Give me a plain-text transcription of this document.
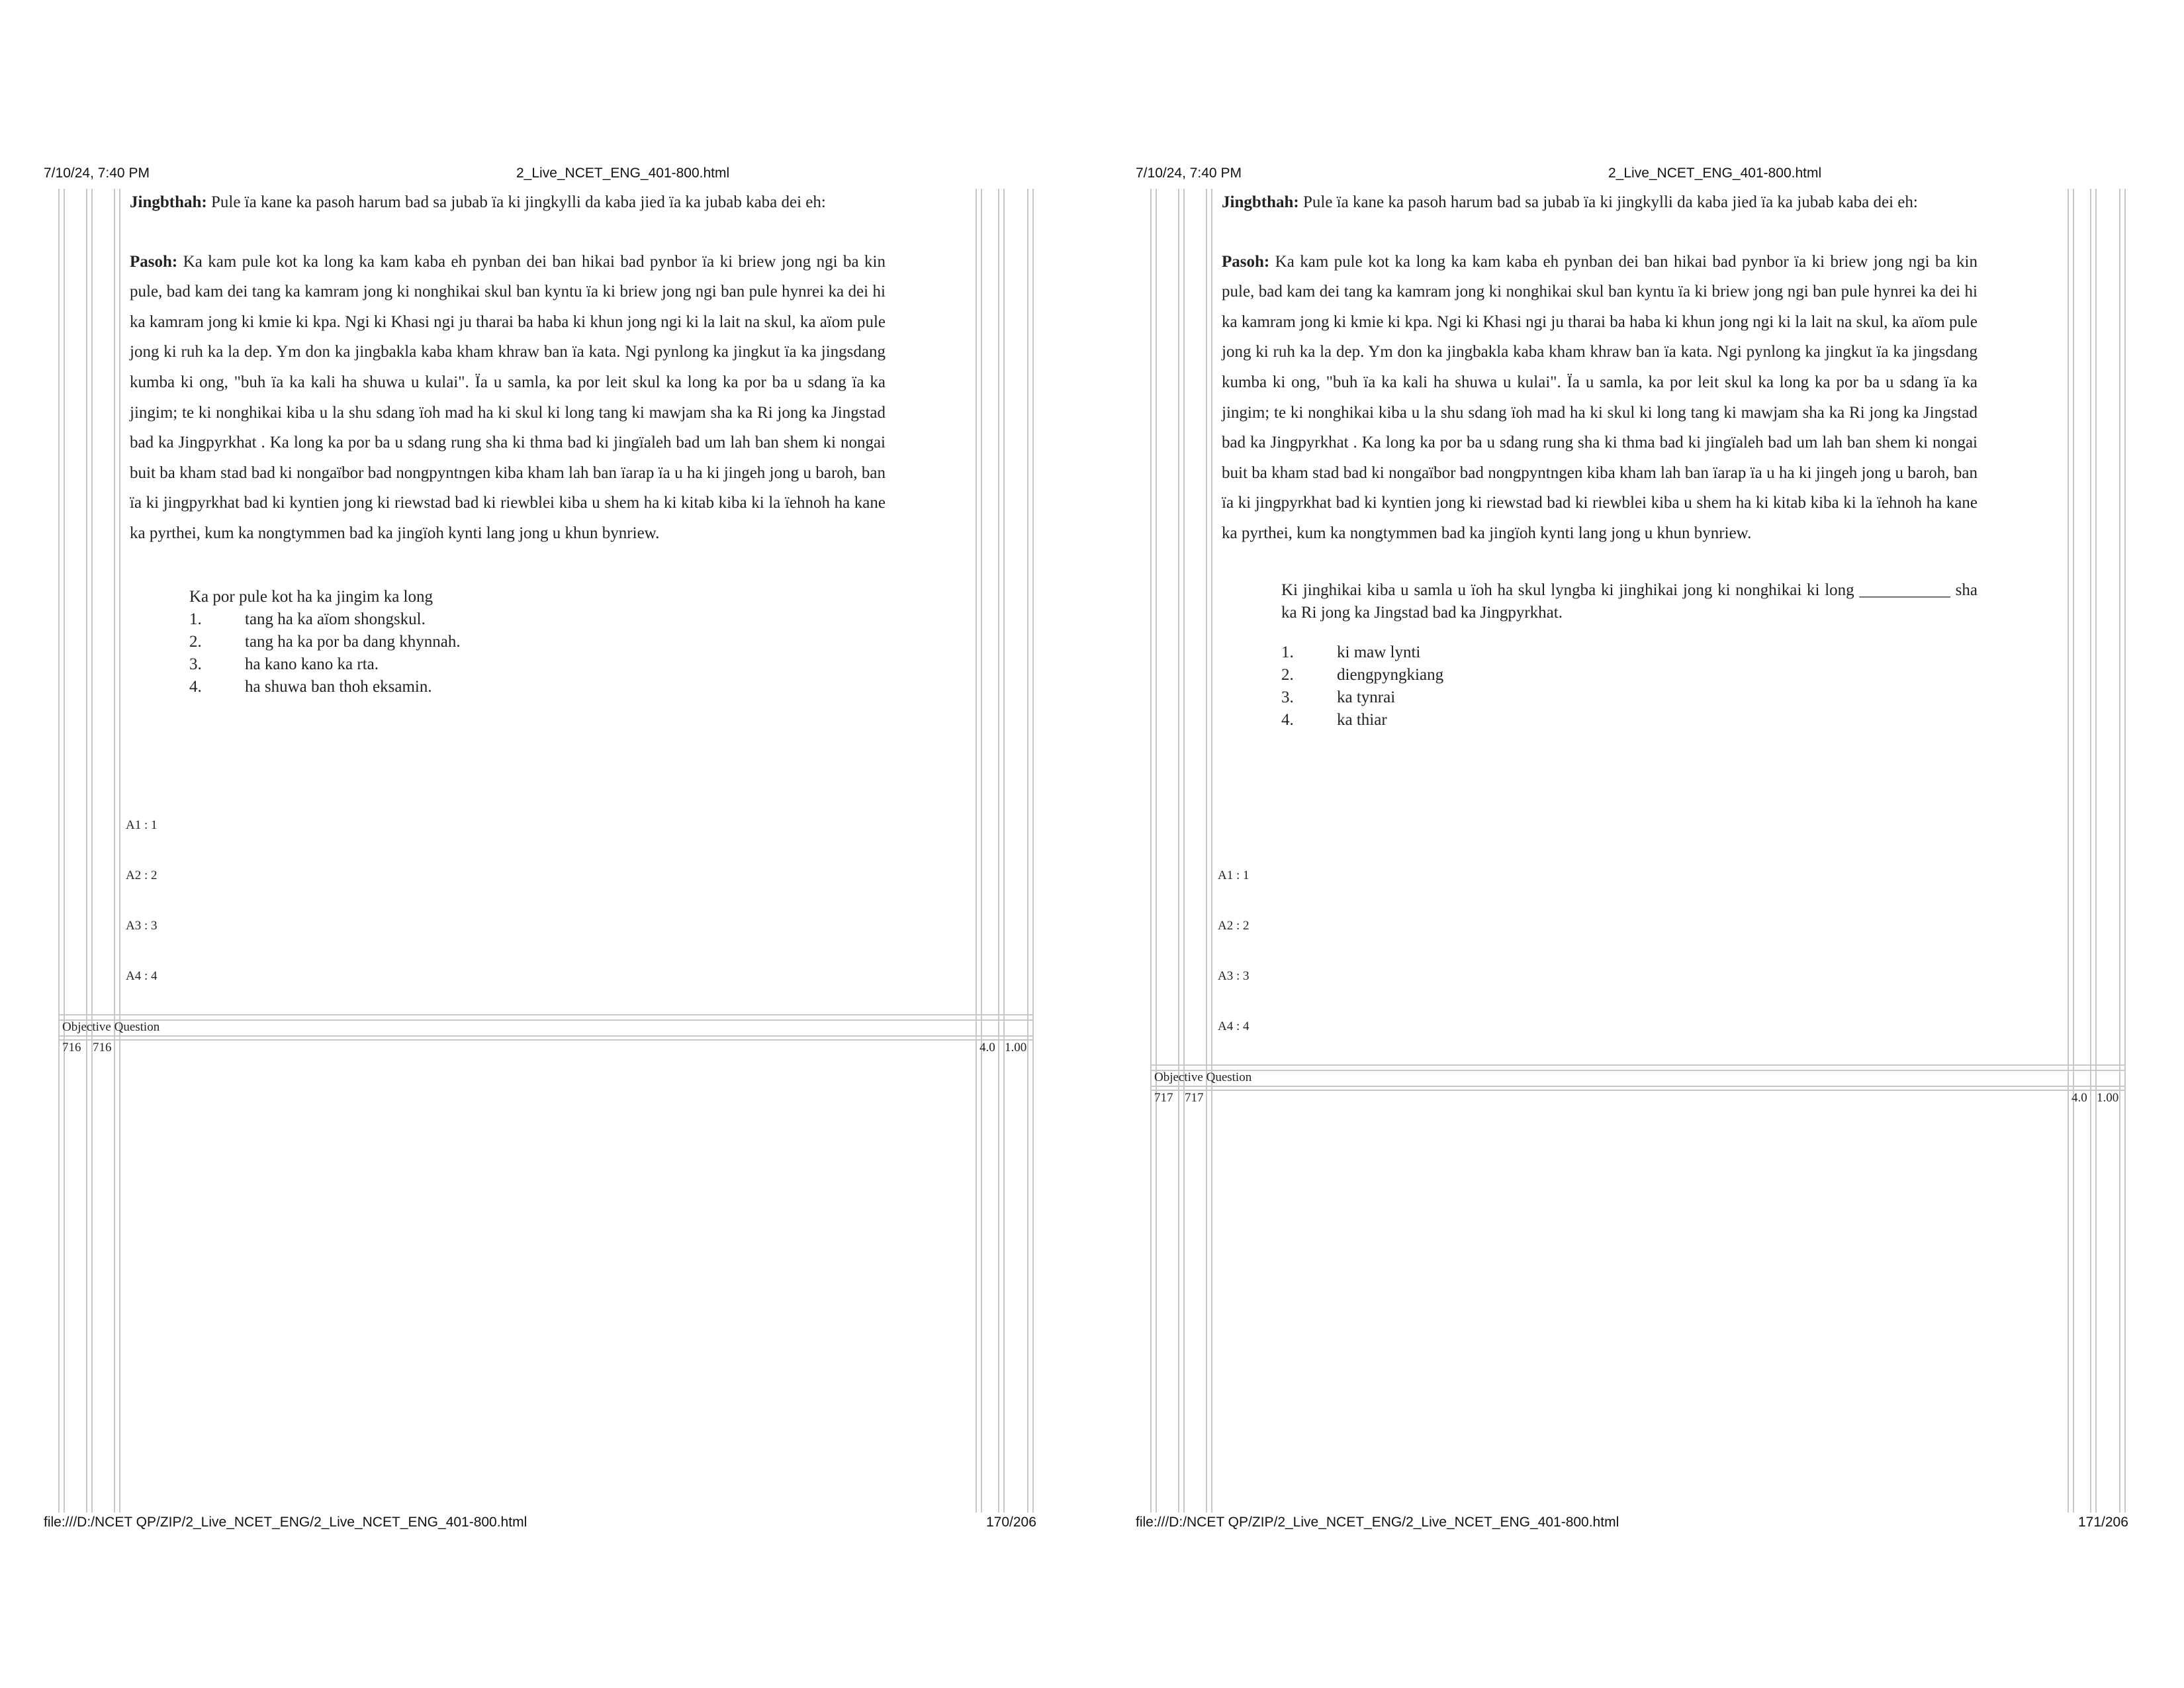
7/10/24, 7:40 PM	2_Live_NCET_ENG_401-800.html

Jingbthah: Pule ïa kane ka pasoh harum bad sa jubab ïa ki jingkylli da kaba jied ïa ka jubab kaba dei eh:

Pasoh: Ka kam pule kot ka long ka kam kaba eh pynban dei ban hikai bad pynbor ïa ki briew jong ngi ba kin pule, bad kam dei tang ka kamram jong ki nonghikai skul ban kyntu ïa ki briew jong ngi ban pule hynrei ka dei hi ka kamram jong ki kmie ki kpa. Ngi ki Khasi ngi ju tharai ba haba ki khun jong ngi ki la lait na skul, ka aïom pule jong ki ruh ka la dep. Ym don ka jingbakla kaba kham khraw ban ïa kata. Ngi pynlong ka jingkut ïa ka jingsdang kumba ki ong, "buh ïa ka kali ha shuwa u kulai". Ïa u samla, ka por leit skul ka long ka por ba u sdang ïa ka jingim; te ki nonghikai kiba u la shu sdang ïoh mad ha ki skul ki long tang ki mawjam sha ka Ri jong ka Jingstad bad ka Jingpyrkhat . Ka long ka por ba u sdang rung sha ki thma bad ki jingïaleh bad um lah ban shem ki nongai buit ba kham stad bad ki nongaïbor bad nongpyntngen kiba kham lah ban ïarap ïa u ha ki jingeh jong u baroh, ban ïa ki jingpyrkhat bad ki kyntien jong ki riewstad bad ki riewblei kiba u shem ha ki kitab kiba ki la ïehnoh ha kane ka pyrthei, kum ka nongtymmen bad ka jingïoh kynti lang jong u khun bynriew.

Ka por pule kot ha ka jingim ka long
1.	tang ha ka aïom shongskul.
2.	tang ha ka por ba dang khynnah.
3.	ha kano kano ka rta.
4.	ha shuwa ban thoh eksamin.
A1 : 1
A2 : 2
A3 : 3
A4 : 4
Objective Question
716 716	4.0 1.00
file:///D:/NCET QP/ZIP/2_Live_NCET_ENG/2_Live_NCET_ENG_401-800.html	170/206
7/10/24, 7:40 PM	2_Live_NCET_ENG_401-800.html

Jingbthah: Pule ïa kane ka pasoh harum bad sa jubab ïa ki jingkylli da kaba jied ïa ka jubab kaba dei eh:

Pasoh: Ka kam pule kot ka long ka kam kaba eh pynban dei ban hikai bad pynbor ïa ki briew jong ngi ba kin pule, bad kam dei tang ka kamram jong ki nonghikai skul ban kyntu ïa ki briew jong ngi ban pule hynrei ka dei hi ka kamram jong ki kmie ki kpa. Ngi ki Khasi ngi ju tharai ba haba ki khun jong ngi ki la lait na skul, ka aïom pule jong ki ruh ka la dep. Ym don ka jingbakla kaba kham khraw ban ïa kata. Ngi pynlong ka jingkut ïa ka jingsdang kumba ki ong, "buh ïa ka kali ha shuwa u kulai". Ïa u samla, ka por leit skul ka long ka por ba u sdang ïa ka jingim; te ki nonghikai kiba u la shu sdang ïoh mad ha ki skul ki long tang ki mawjam sha ka Ri jong ka Jingstad bad ka Jingpyrkhat . Ka long ka por ba u sdang rung sha ki thma bad ki jingïaleh bad um lah ban shem ki nongai buit ba kham stad bad ki nongaïbor bad nongpyntngen kiba kham lah ban ïarap ïa u ha ki jingeh jong u baroh, ban ïa ki jingpyrkhat bad ki kyntien jong ki riewstad bad ki riewblei kiba u shem ha ki kitab kiba ki la ïehnoh ha kane ka pyrthei, kum ka nongtymmen bad ka jingïoh kynti lang jong u khun bynriew.

Ki jinghikai kiba u samla u ïoh ha skul lyngba ki jinghikai jong ki nonghikai ki long ___________ sha ka Ri jong ka Jingstad bad ka Jingpyrkhat.
1.	ki maw lynti
2.	diengpyngkiang
3.	ka tynrai
4.	ka thiar
A1 : 1
A2 : 2
A3 : 3
A4 : 4
Objective Question
717 717	4.0 1.00
file:///D:/NCET QP/ZIP/2_Live_NCET_ENG/2_Live_NCET_ENG_401-800.html	171/206
